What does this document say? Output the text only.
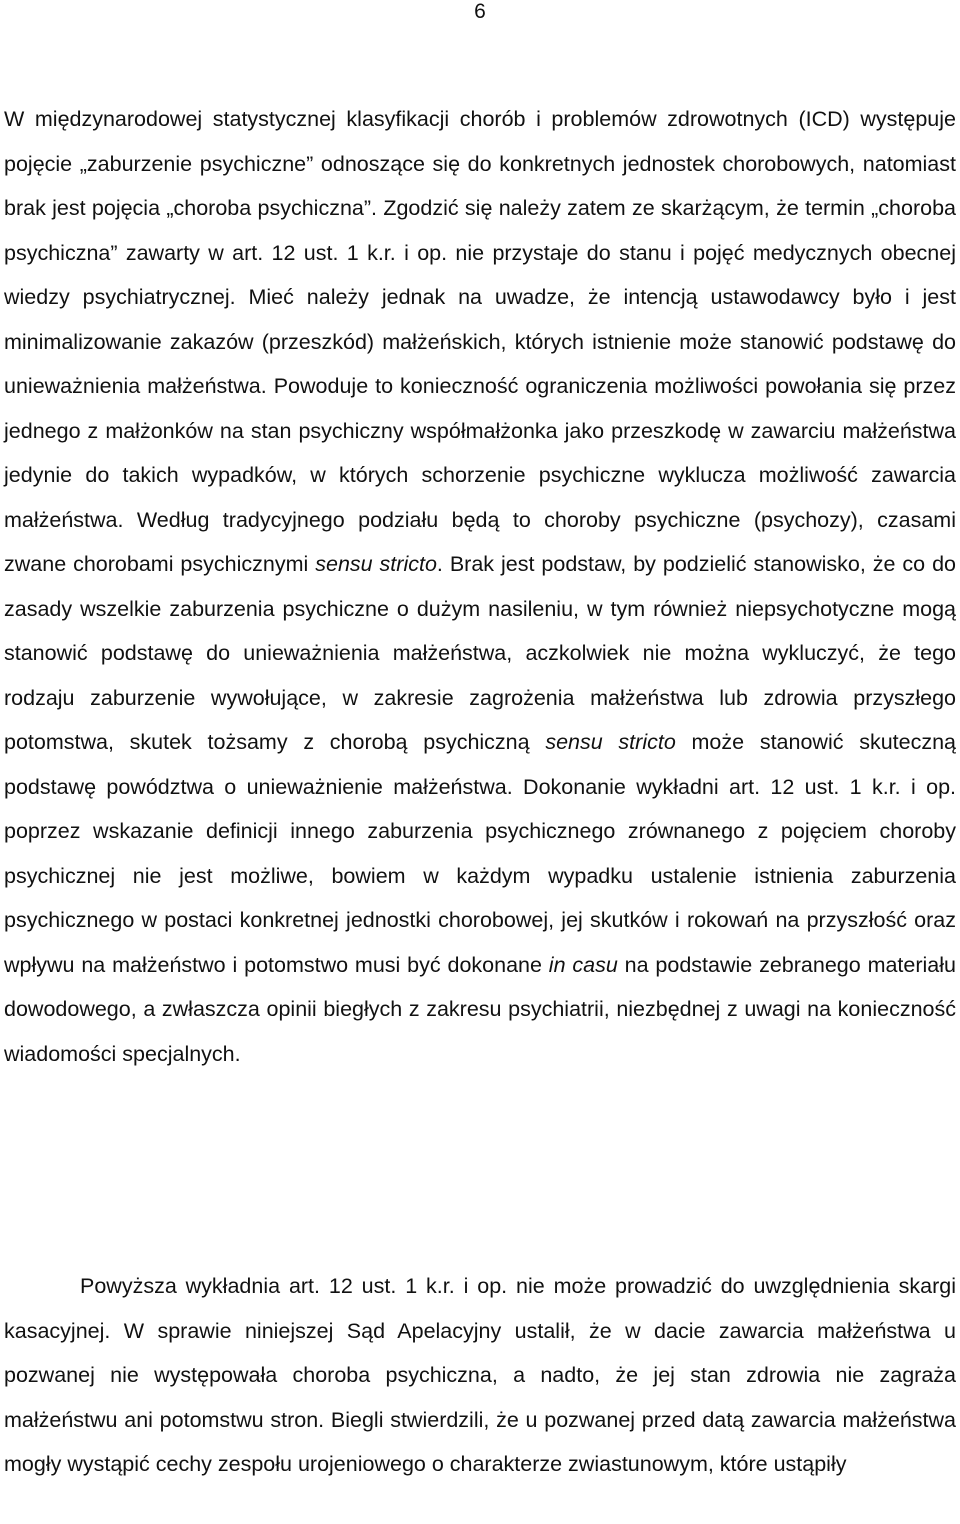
6

W międzynarodowej statystycznej klasyfikacji chorób i problemów zdrowotnych (ICD) występuje pojęcie „zaburzenie psychiczne” odnoszące się do konkretnych jednostek chorobowych, natomiast brak jest pojęcia „choroba psychiczna”. Zgodzić się należy zatem ze skarżącym, że termin „choroba psychiczna” zawarty w art. 12 ust. 1 k.r. i op. nie przystaje do stanu i pojęć medycznych obecnej wiedzy psychiatrycznej. Mieć należy jednak na uwadze, że intencją ustawodawcy było i jest minimalizowanie zakazów (przeszkód) małżeńskich, których istnienie może stanowić podstawę do unieważnienia małżeństwa. Powoduje to konieczność ograniczenia możliwości powołania się przez jednego z małżonków na stan psychiczny współmałżonka jako przeszkodę w zawarciu małżeństwa jedynie do takich wypadków, w których schorzenie psychiczne wyklucza możliwość zawarcia małżeństwa. Według tradycyjnego podziału będą to choroby psychiczne (psychozy), czasami zwane chorobami psychicznymi sensu stricto. Brak jest podstaw, by podzielić stanowisko, że co do zasady wszelkie zaburzenia psychiczne o dużym nasileniu, w tym również niepsychotyczne mogą stanowić podstawę do unieważnienia małżeństwa, aczkolwiek nie można wykluczyć, że tego rodzaju zaburzenie wywołujące, w zakresie zagrożenia małżeństwa lub zdrowia przyszłego potomstwa, skutek tożsamy z chorobą psychiczną sensu stricto może stanowić skuteczną podstawę powództwa o unieważnienie małżeństwa. Dokonanie wykładni art. 12 ust. 1 k.r. i op. poprzez wskazanie definicji innego zaburzenia psychicznego zrównanego z pojęciem choroby psychicznej nie jest możliwe, bowiem w każdym wypadku ustalenie istnienia zaburzenia psychicznego w postaci konkretnej jednostki chorobowej, jej skutków i rokowań na przyszłość oraz wpływu na małżeństwo i potomstwo musi być dokonane in casu na podstawie zebranego materiału dowodowego, a zwłaszcza opinii biegłych z zakresu psychiatrii, niezbędnej z uwagi na konieczność wiadomości specjalnych.

Powyższa wykładnia art. 12 ust. 1 k.r. i op. nie może prowadzić do uwzględnienia skargi kasacyjnej. W sprawie niniejszej Sąd Apelacyjny ustalił, że w dacie zawarcia małżeństwa u pozwanej nie występowała choroba psychiczna, a nadto, że jej stan zdrowia nie zagraża małżeństwu ani potomstwu stron. Biegli stwierdzili, że u pozwanej przed datą zawarcia małżeństwa mogły wystąpić cechy zespołu urojeniowego o charakterze zwiastunowym, które ustąpiły
